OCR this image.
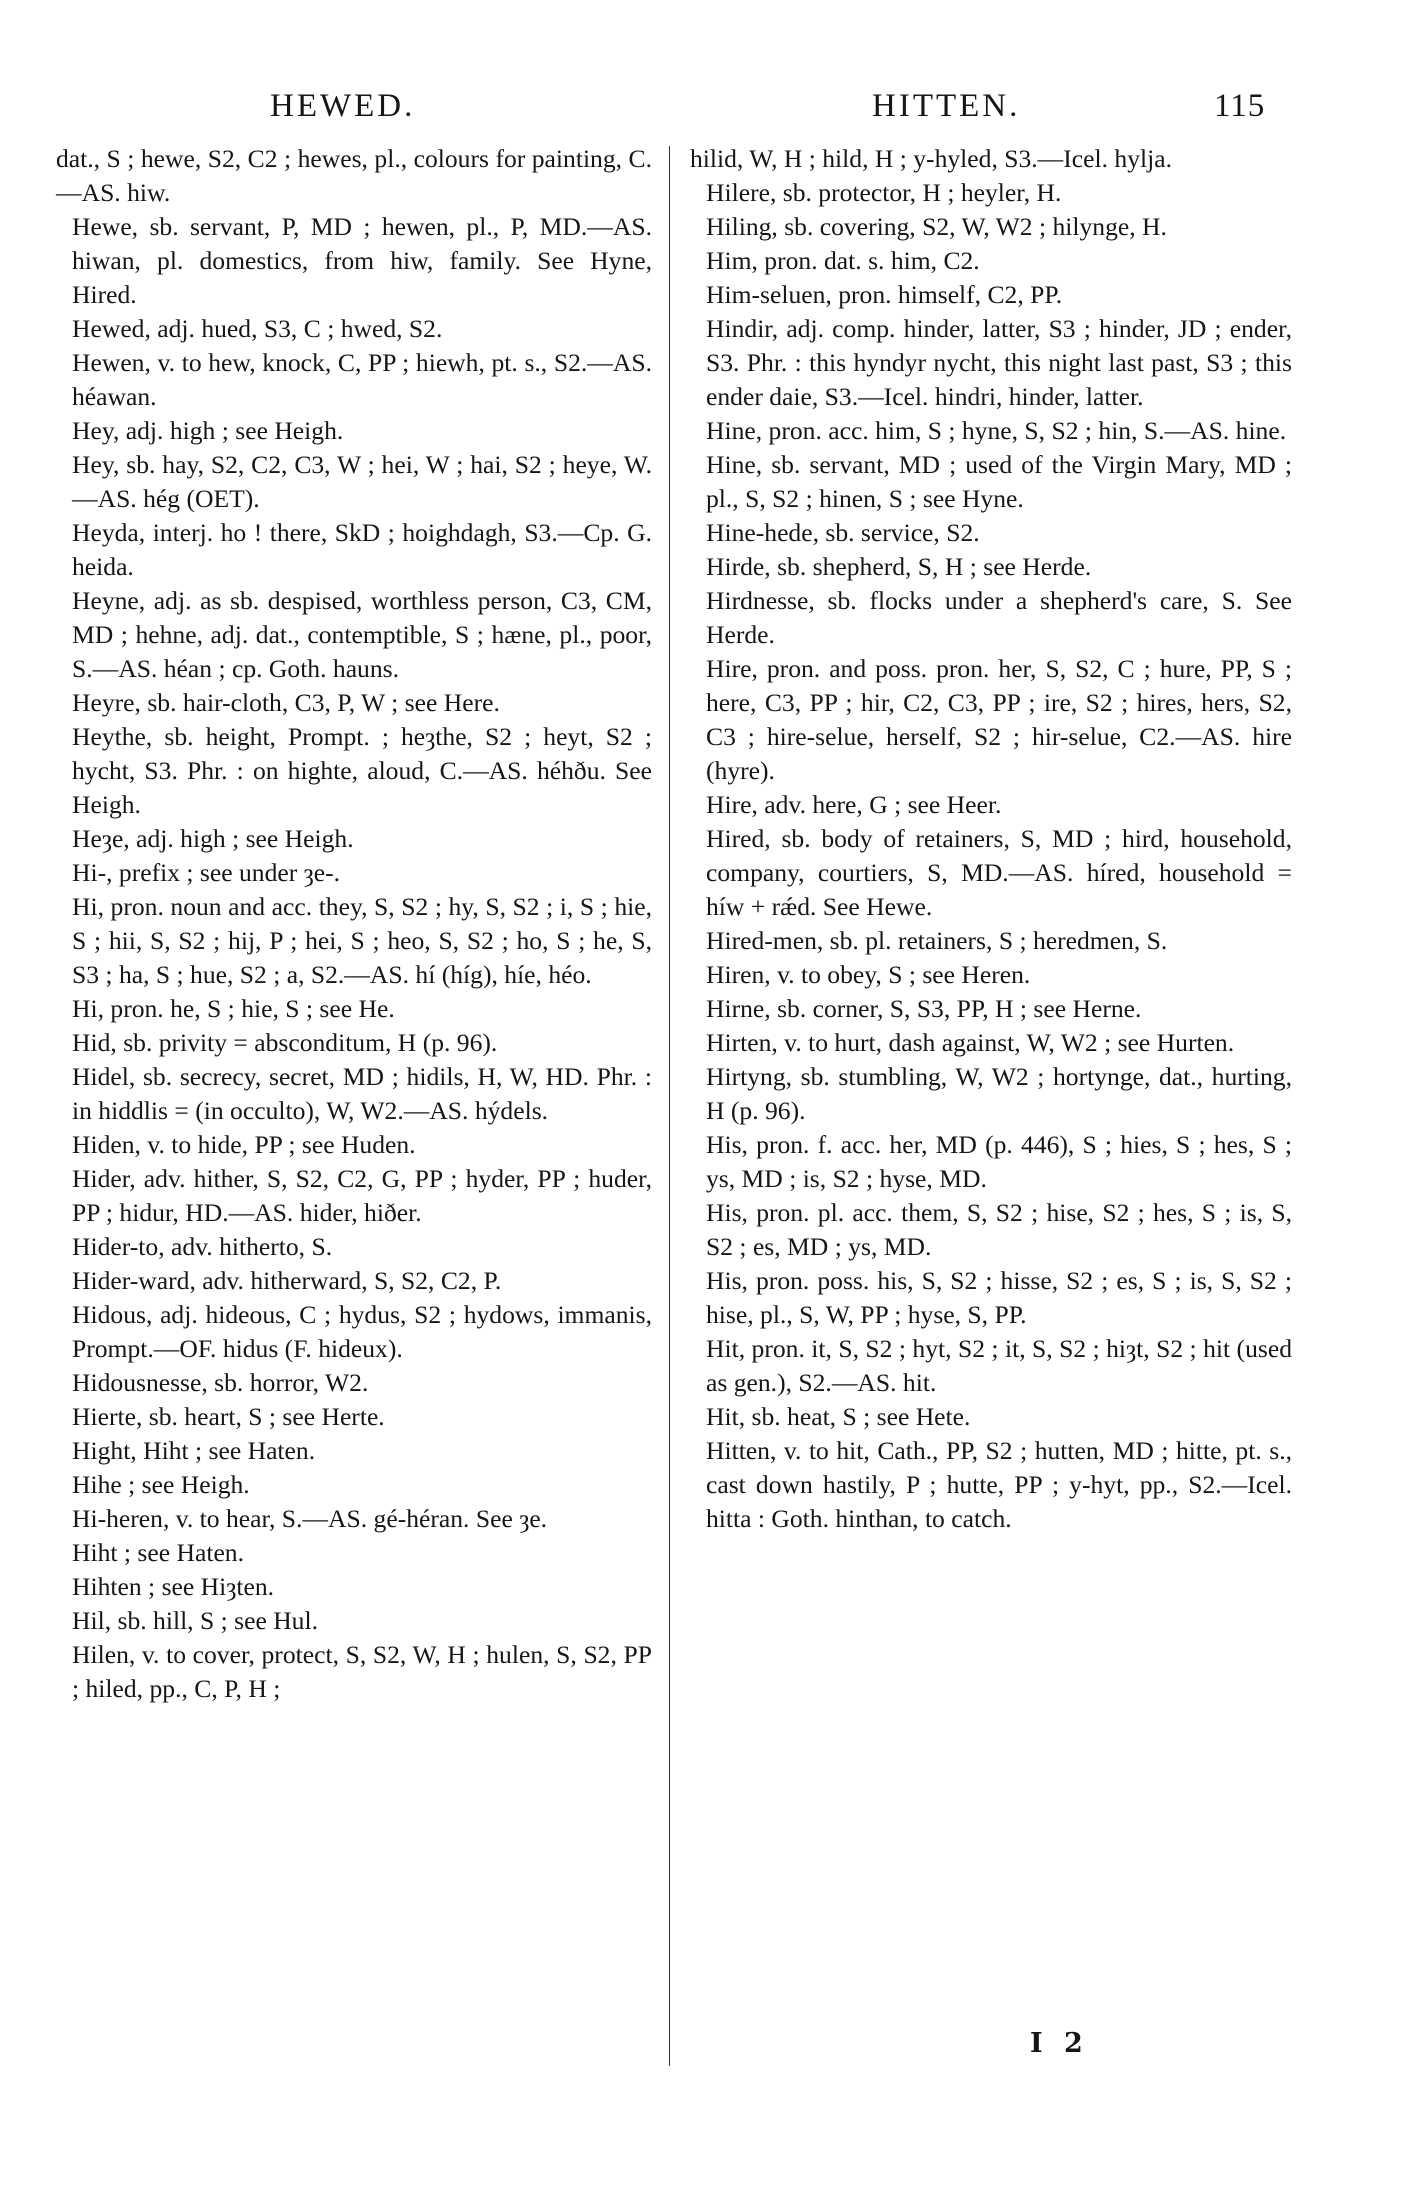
HEWED.	HITTEN.	115

dat., S ; hewe, S2, C2 ; hewes, pl., colours for painting, C.—AS. hiw.

Hewe, sb. servant, P, MD ; hewen, pl., P, MD.—AS. hiwan, pl. domestics, from hiw, family. See Hyne, Hired.

Hewed, adj. hued, S3, C ; hwed, S2.

Hewen, v. to hew, knock, C, PP ; hiewh, pt. s., S2.—AS. héawan.

Hey, adj. high ; see Heigh.

Hey, sb. hay, S2, C2, C3, W ; hei, W ; hai, S2 ; heye, W.—AS. hég (OET).

Heyda, interj. ho ! there, SkD ; hoighdagh, S3.—Cp. G. heida.

Heyne, adj. as sb. despised, worthless person, C3, CM, MD ; hehne, adj. dat., contemptible, S ; hæne, pl., poor, S.—AS. héan ; cp. Goth. hauns.

Heyre, sb. hair-cloth, C3, P, W ; see Here.

Heythe, sb. height, Prompt. ; heȝthe, S2 ; heyt, S2 ; hycht, S3. Phr. : on highte, aloud, C.—AS. héhðu. See Heigh.

Heȝe, adj. high ; see Heigh.

Hi-, prefix ; see under ȝe-.

Hi, pron. noun and acc. they, S, S2 ; hy, S, S2 ; i, S ; hie, S ; hii, S, S2 ; hij, P ; hei, S ; heo, S, S2 ; ho, S ; he, S, S3 ; ha, S ; hue, S2 ; a, S2.—AS. hí (híg), híe, héo.

Hi, pron. he, S ; hie, S ; see He.

Hid, sb. privity = absconditum, H (p. 96).

Hidel, sb. secrecy, secret, MD ; hidils, H, W, HD. Phr. : in hiddlis = (in occulto), W, W2.—AS. hýdels.

Hiden, v. to hide, PP ; see Huden.

Hider, adv. hither, S, S2, C2, G, PP ; hyder, PP ; huder, PP ; hidur, HD.—AS. hider, hiðer.

Hider-to, adv. hitherto, S.

Hider-ward, adv. hitherward, S, S2, C2, P.

Hidous, adj. hideous, C ; hydus, S2 ; hydows, immanis, Prompt.—OF. hidus (F. hideux).

Hidousnesse, sb. horror, W2.

Hierte, sb. heart, S ; see Herte.

Hight, Hiht ; see Haten.

Hihe ; see Heigh.

Hi-heren, v. to hear, S.—AS. gé-héran. See ȝe.

Hiht ; see Haten.

Hihten ; see Hiȝten.

Hil, sb. hill, S ; see Hul.

Hilen, v. to cover, protect, S, S2, W, H ; hulen, S, S2, PP ; hiled, pp., C, P, H ;

hilid, W, H ; hild, H ; y-hyled, S3.—Icel. hylja.

Hilere, sb. protector, H ; heyler, H.

Hiling, sb. covering, S2, W, W2 ; hilynge, H.

Him, pron. dat. s. him, C2.

Him-seluen, pron. himself, C2, PP.

Hindir, adj. comp. hinder, latter, S3 ; hinder, JD ; ender, S3. Phr. : this hyndyr nycht, this night last past, S3 ; this ender daie, S3.—Icel. hindri, hinder, latter.

Hine, pron. acc. him, S ; hyne, S, S2 ; hin, S.—AS. hine.

Hine, sb. servant, MD ; used of the Virgin Mary, MD ; pl., S, S2 ; hinen, S ; see Hyne.

Hine-hede, sb. service, S2.

Hirde, sb. shepherd, S, H ; see Herde.

Hirdnesse, sb. flocks under a shepherd's care, S. See Herde.

Hire, pron. and poss. pron. her, S, S2, C ; hure, PP, S ; here, C3, PP ; hir, C2, C3, PP ; ire, S2 ; hires, hers, S2, C3 ; hire-selue, herself, S2 ; hir-selue, C2.—AS. hire (hyre).

Hire, adv. here, G ; see Heer.

Hired, sb. body of retainers, S, MD ; hird, household, company, courtiers, S, MD.—AS. híred, household = híw + rǽd. See Hewe.

Hired-men, sb. pl. retainers, S ; heredmen, S.

Hiren, v. to obey, S ; see Heren.

Hirne, sb. corner, S, S3, PP, H ; see Herne.

Hirten, v. to hurt, dash against, W, W2 ; see Hurten.

Hirtyng, sb. stumbling, W, W2 ; hortynge, dat., hurting, H (p. 96).

His, pron. f. acc. her, MD (p. 446), S ; hies, S ; hes, S ; ys, MD ; is, S2 ; hyse, MD.

His, pron. pl. acc. them, S, S2 ; hise, S2 ; hes, S ; is, S, S2 ; es, MD ; ys, MD.

His, pron. poss. his, S, S2 ; hisse, S2 ; es, S ; is, S, S2 ; hise, pl., S, W, PP ; hyse, S, PP.

Hit, pron. it, S, S2 ; hyt, S2 ; it, S, S2 ; hiȝt, S2 ; hit (used as gen.), S2.—AS. hit.

Hit, sb. heat, S ; see Hete.

Hitten, v. to hit, Cath., PP, S2 ; hutten, MD ; hitte, pt. s., cast down hastily, P ; hutte, PP ; y-hyt, pp., S2.—Icel. hitta : Goth. hinthan, to catch.

I 2
